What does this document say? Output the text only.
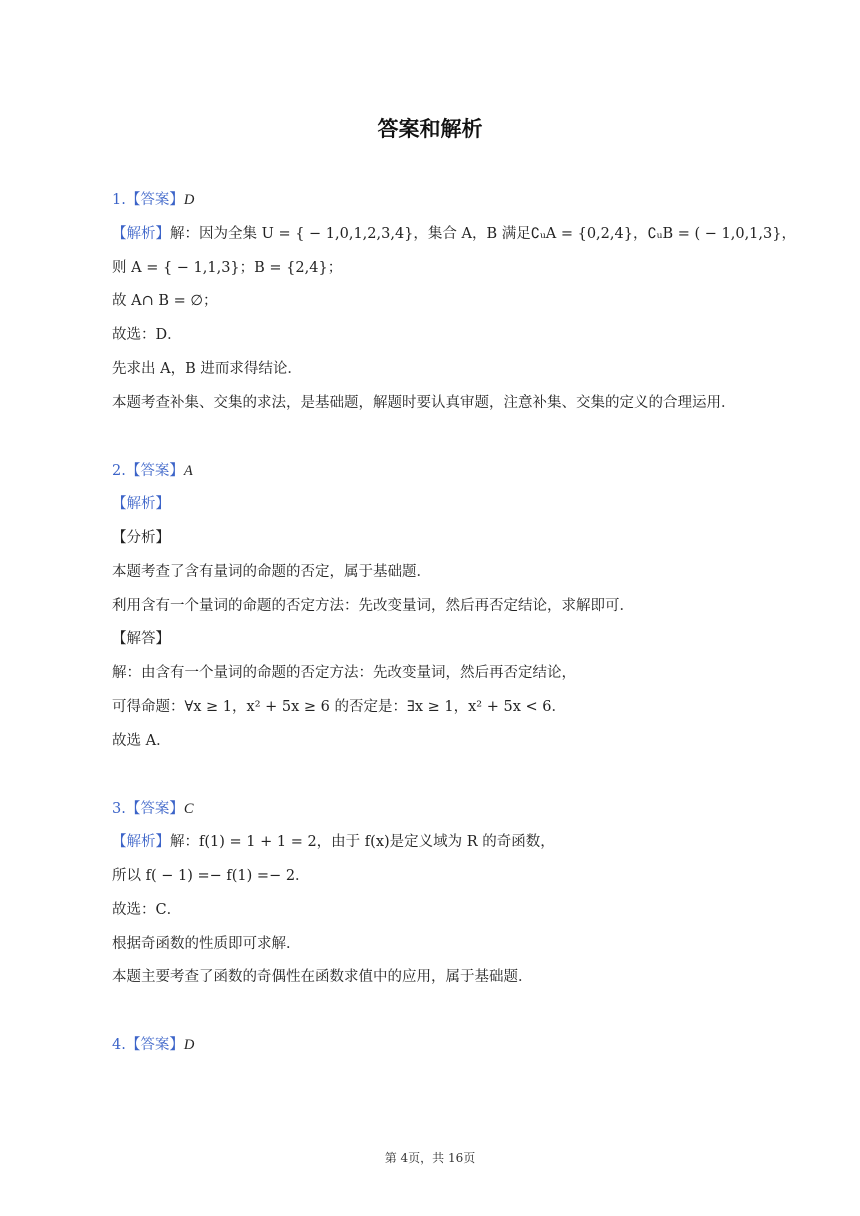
答案和解析
1.【答案】D
【解析】解：因为全集 U = { − 1,0,1,2,3,4}，集合 A，B 满足∁ᵤA = {0,2,4}，∁ᵤB = ( − 1,0,1,3}，
则 A = { − 1,1,3}；B = {2,4}；
故 A∩ B = ∅；
故选：D．
先求出 A，B 进而求得结论．
本题考查补集、交集的求法，是基础题，解题时要认真审题，注意补集、交集的定义的合理运用．
2.【答案】A
【解析】
【分析】
本题考查了含有量词的命题的否定，属于基础题．
利用含有一个量词的命题的否定方法：先改变量词，然后再否定结论，求解即可．
【解答】
解：由含有一个量词的命题的否定方法：先改变量词，然后再否定结论，
可得命题：∀x ≥ 1，x² + 5x ≥ 6 的否定是：∃x ≥ 1，x² + 5x < 6．
故选 A．
3.【答案】C
【解析】解：f(1) = 1 + 1 = 2，由于 f(x)是定义域为 R 的奇函数，
所以 f( − 1) =− f(1) =− 2．
故选：C．
根据奇函数的性质即可求解．
本题主要考查了函数的奇偶性在函数求值中的应用，属于基础题．
4.【答案】D
第 4页，共 16页
